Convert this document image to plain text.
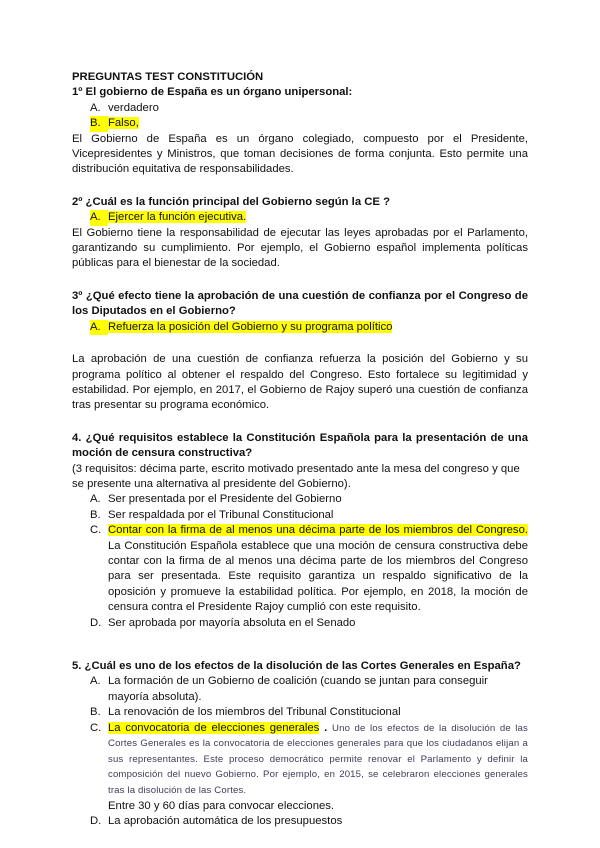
PREGUNTAS TEST CONSTITUCIÓN
1º El gobierno de España es un órgano unipersonal:
A. verdadero
B. Falso,
El Gobierno de España es un órgano colegiado, compuesto por el Presidente, Vicepresidentes y Ministros, que toman decisiones de forma conjunta. Esto permite una distribución equitativa de responsabilidades.
2º ¿Cuál es la función principal del Gobierno según la CE ?
A. Ejercer la función ejecutiva.
El Gobierno tiene la responsabilidad de ejecutar las leyes aprobadas por el Parlamento, garantizando su cumplimiento. Por ejemplo, el Gobierno español implementa políticas públicas para el bienestar de la sociedad.
3º ¿Qué efecto tiene la aprobación de una cuestión de confianza por el Congreso de los Diputados en el Gobierno?
A. Refuerza la posición del Gobierno y su programa político
La aprobación de una cuestión de confianza refuerza la posición del Gobierno y su programa político al obtener el respaldo del Congreso. Esto fortalece su legitimidad y estabilidad. Por ejemplo, en 2017, el Gobierno de Rajoy superó una cuestión de confianza tras presentar su programa económico.
4. ¿Qué requisitos establece la Constitución Española para la presentación de una moción de censura constructiva?
(3 requisitos: décima parte, escrito motivado presentado ante la mesa del congreso y que se presente una alternativa al presidente del Gobierno).
A. Ser presentada por el Presidente del Gobierno
B. Ser respaldada por el Tribunal Constitucional
C. Contar con la firma de al menos una décima parte de los miembros del Congreso. La Constitución Española establece que una moción de censura constructiva debe contar con la firma de al menos una décima parte de los miembros del Congreso para ser presentada. Este requisito garantiza un respaldo significativo de la oposición y promueve la estabilidad política. Por ejemplo, en 2018, la moción de censura contra el Presidente Rajoy cumplió con este requisito.
D. Ser aprobada por mayoría absoluta en el Senado
5. ¿Cuál es uno de los efectos de la disolución de las Cortes Generales en España?
A. La formación de un Gobierno de coalición (cuando se juntan para conseguir mayoría absoluta).
B. La renovación de los miembros del Tribunal Constitucional
C. La convocatoria de elecciones generales . Uno de los efectos de la disolución de las Cortes Generales es la convocatoria de elecciones generales para que los ciudadanos elijan a sus representantes. Este proceso democrático permite renovar el Parlamento y definir la composición del nuevo Gobierno. Por ejemplo, en 2015, se celebraron elecciones generales tras la disolución de las Cortes.
Entre 30 y 60 días para convocar elecciones.
D. La aprobación automática de los presupuestos
